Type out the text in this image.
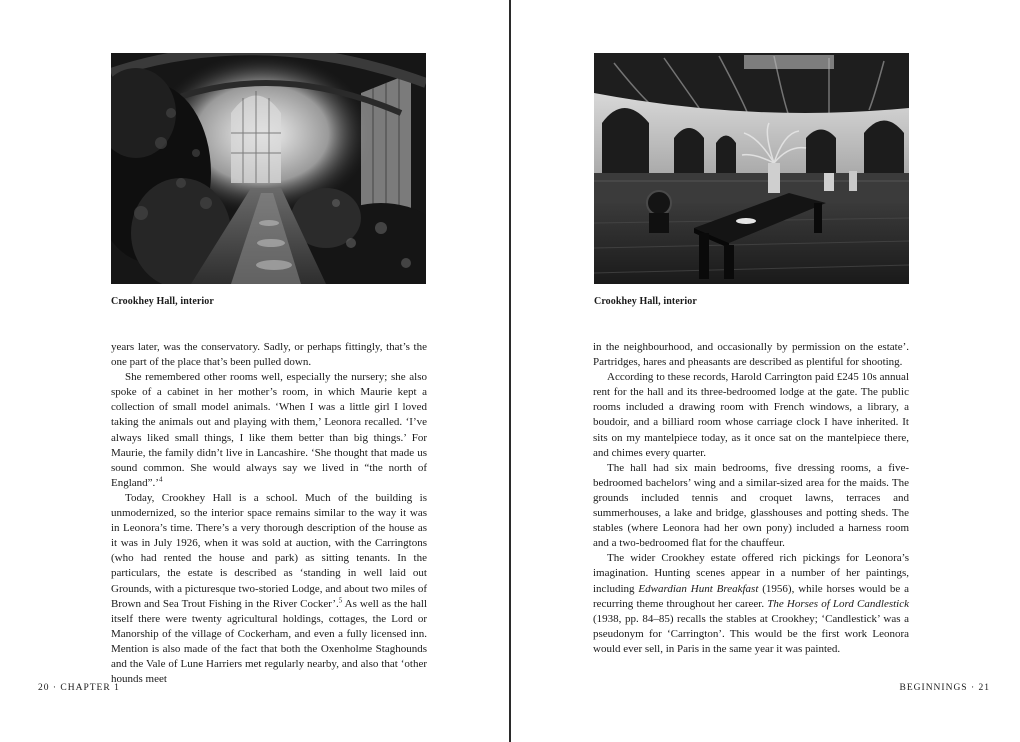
Crookhey Hall, interior

years later, was the conservatory. Sadly, or perhaps fittingly, that’s the one part of the place that’s been pulled down.

She remembered other rooms well, especially the nursery; she also spoke of a cabinet in her mother’s room, in which Maurie kept a collection of small model animals. ‘When I was a little girl I loved taking the animals out and playing with them,’ Leonora recalled. ‘I’ve always liked small things, I like them better than big things.’ For Maurie, the family didn’t live in Lancashire. ‘She thought that made us sound common. She would always say we lived in “the north of England”.’$^4$

Today, Crookhey Hall is a school. Much of the building is unmodernized, so the interior space remains similar to the way it was in Leonora’s time. There’s a very thorough description of the house as it was in July 1926, when it was sold at auction, with the Carringtons (who had rented the house and park) as sitting tenants. In the particulars, the estate is described as ‘standing in well laid out Grounds, with a picturesque two-storied Lodge, and about two miles of Brown and Sea Trout Fishing in the River Cocker’.$^5$ As well as the hall itself there were twenty agricultural holdings, cottages, the Lord or Manorship of the village of Cockerham, and even a fully licensed inn. Mention is also made of the fact that both the Oxenholme Staghounds and the Vale of Lune Harriers met regularly nearby, and also that ‘other hounds meet

20 · CHAPTER 1
Crookhey Hall, interior

in the neighbourhood, and occasionally by permission on the estate’. Partridges, hares and pheasants are described as plentiful for shooting.

According to these records, Harold Carrington paid £245 10s annual rent for the hall and its three-bedroomed lodge at the gate. The public rooms included a drawing room with French windows, a library, a boudoir, and a billiard room whose carriage clock I have inherited. It sits on my mantelpiece today, as it once sat on the mantelpiece there, and chimes every quarter.

The hall had six main bedrooms, five dressing rooms, a five-bedroomed bachelors’ wing and a similar-sized area for the maids. The grounds included tennis and croquet lawns, terraces and summerhouses, a lake and bridge, glasshouses and potting sheds. The stables (where Leonora had her own pony) included a harness room and a two-bedroomed flat for the chauffeur.

The wider Crookhey estate offered rich pickings for Leonora’s imagination. Hunting scenes appear in a number of her paintings, including Edwardian Hunt Breakfast (1956), while horses would be a recurring theme throughout her career. The Horses of Lord Candlestick (1938, pp. 84–85) recalls the stables at Crookhey; ‘Candlestick’ was a pseudonym for ‘Carrington’. This would be the first work Leonora would ever sell, in Paris in the same year it was painted.

BEGINNINGS · 21
